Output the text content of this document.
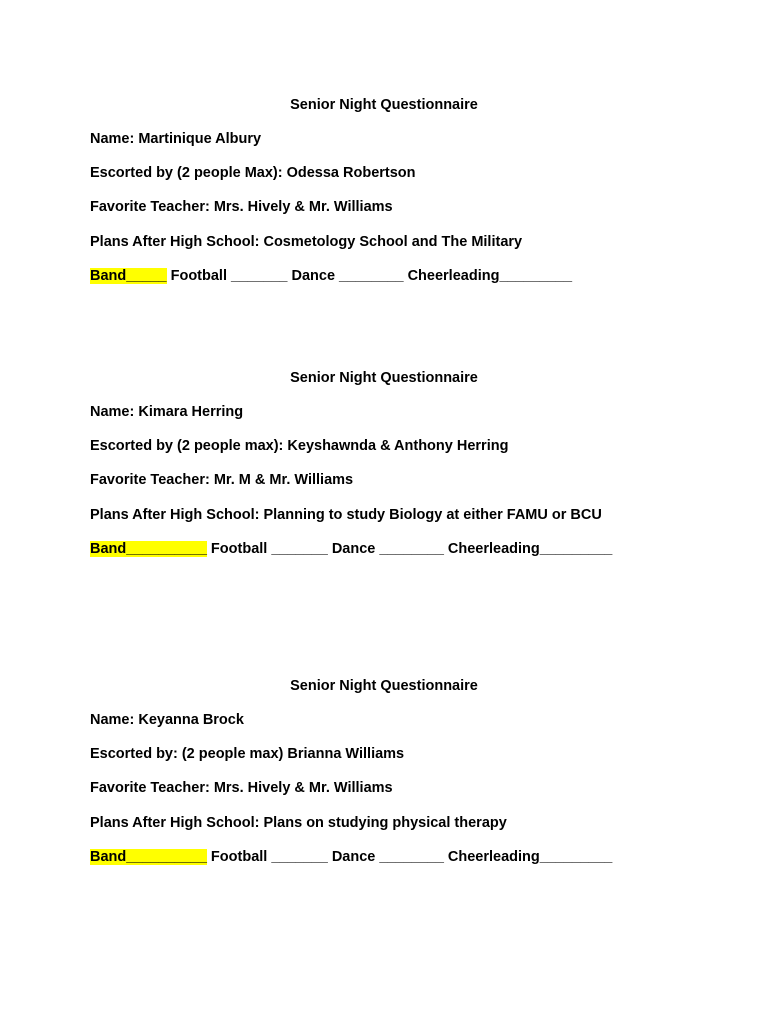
Senior Night Questionnaire
Name: Martinique Albury
Escorted by (2 people Max): Odessa Robertson
Favorite Teacher: Mrs. Hively & Mr. Williams
Plans After High School: Cosmetology School and The Military
Band_____ Football _______ Dance ________ Cheerleading_________
Senior Night Questionnaire
Name: Kimara Herring
Escorted by (2 people max): Keyshawnda & Anthony Herring
Favorite Teacher: Mr. M & Mr. Williams
Plans After High School: Planning to study Biology at either FAMU or BCU
Band__________ Football _______ Dance ________ Cheerleading_________
Senior Night Questionnaire
Name: Keyanna Brock
Escorted by: (2 people max) Brianna Williams
Favorite Teacher: Mrs. Hively & Mr. Williams
Plans After High School: Plans on studying physical therapy
Band__________ Football _______ Dance ________ Cheerleading_________
